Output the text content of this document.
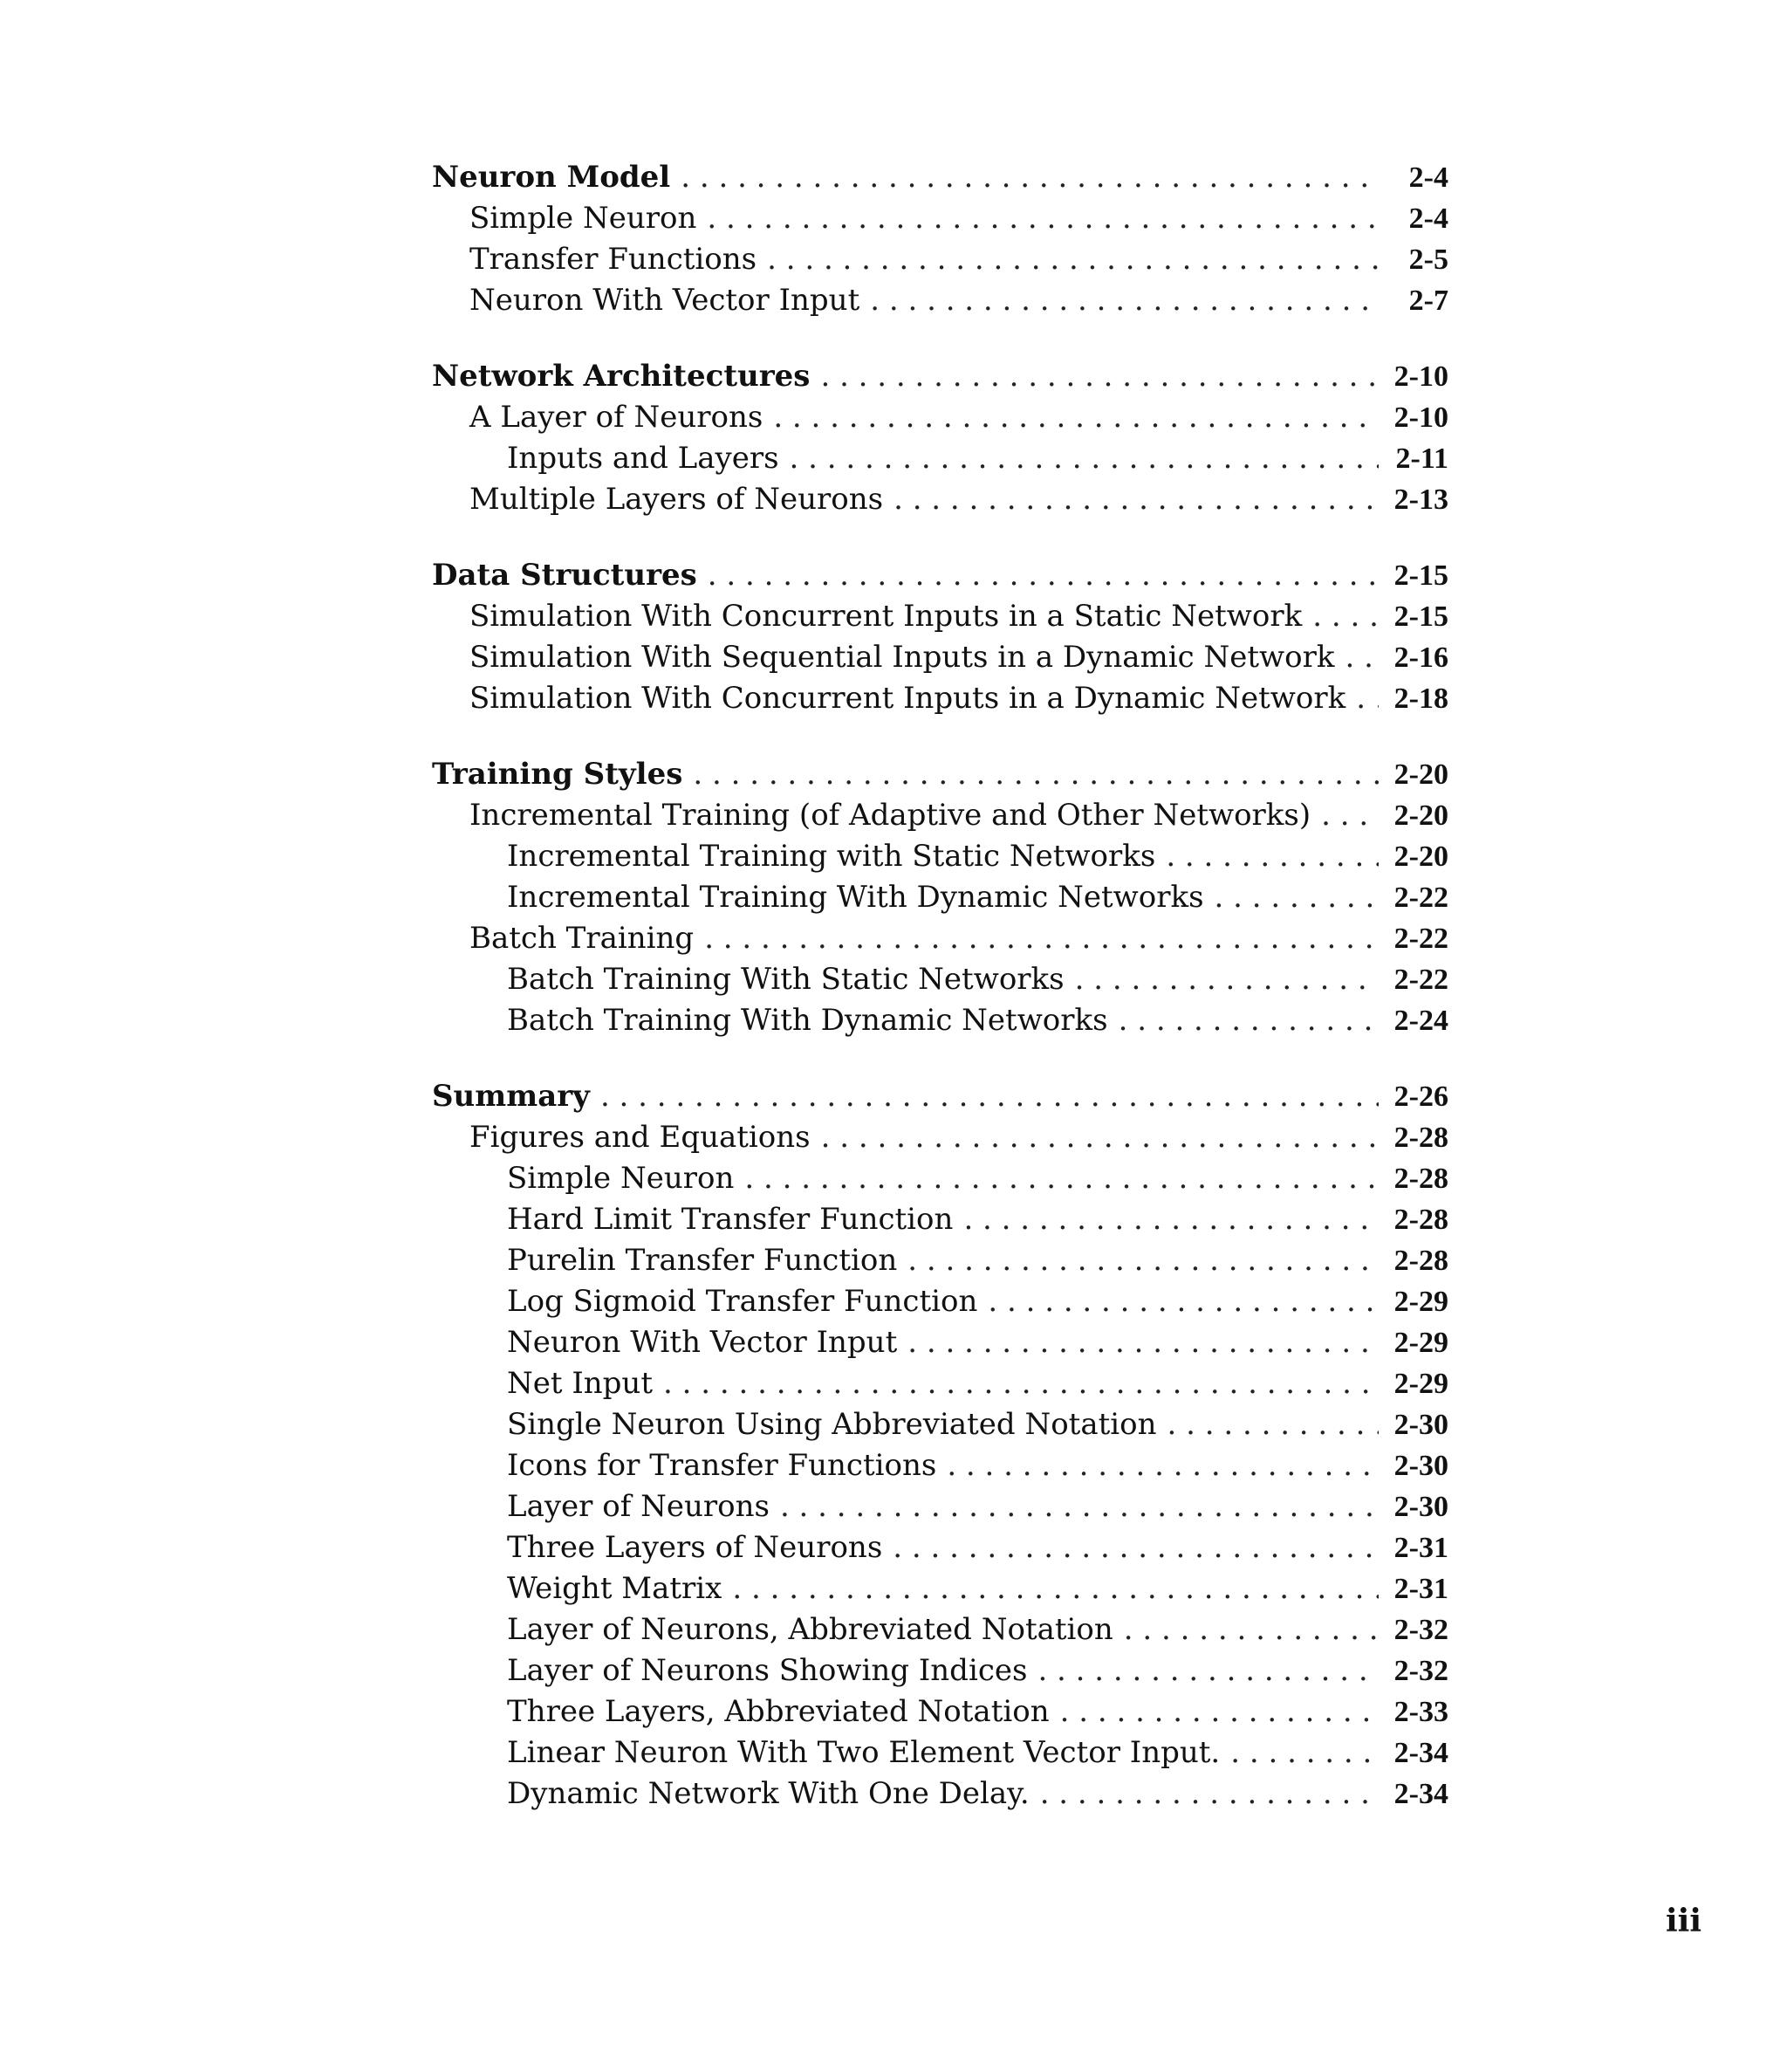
Neuron Model . . .	2-4
Simple Neuron . . .	2-4
Transfer Functions . . .	2-5
Neuron With Vector Input . . .	2-7
Network Architectures . . .	2-10
A Layer of Neurons . . .	2-10
Inputs and Layers . . .	2-11
Multiple Layers of Neurons . . .	2-13
Data Structures . . .	2-15
Simulation With Concurrent Inputs in a Static Network . . .	2-15
Simulation With Sequential Inputs in a Dynamic Network . . .	2-16
Simulation With Concurrent Inputs in a Dynamic Network . . .	2-18
Training Styles . . .	2-20
Incremental Training (of Adaptive and Other Networks) . . .	2-20
Incremental Training with Static Networks . . .	2-20
Incremental Training With Dynamic Networks . . .	2-22
Batch Training . . .	2-22
Batch Training With Static Networks . . .	2-22
Batch Training With Dynamic Networks . . .	2-24
Summary . . .	2-26
Figures and Equations . . .	2-28
Simple Neuron . . .	2-28
Hard Limit Transfer Function . . .	2-28
Purelin Transfer Function . . .	2-28
Log Sigmoid Transfer Function . . .	2-29
Neuron With Vector Input . . .	2-29
Net Input . . .	2-29
Single Neuron Using Abbreviated Notation . . .	2-30
Icons for Transfer Functions . . .	2-30
Layer of Neurons . . .	2-30
Three Layers of Neurons . . .	2-31
Weight Matrix . . .	2-31
Layer of Neurons, Abbreviated Notation . . .	2-32
Layer of Neurons Showing Indices . . .	2-32
Three Layers, Abbreviated Notation . . .	2-33
Linear Neuron With Two Element Vector Input. . . .	2-34
Dynamic Network With One Delay. . . .	2-34
iii
